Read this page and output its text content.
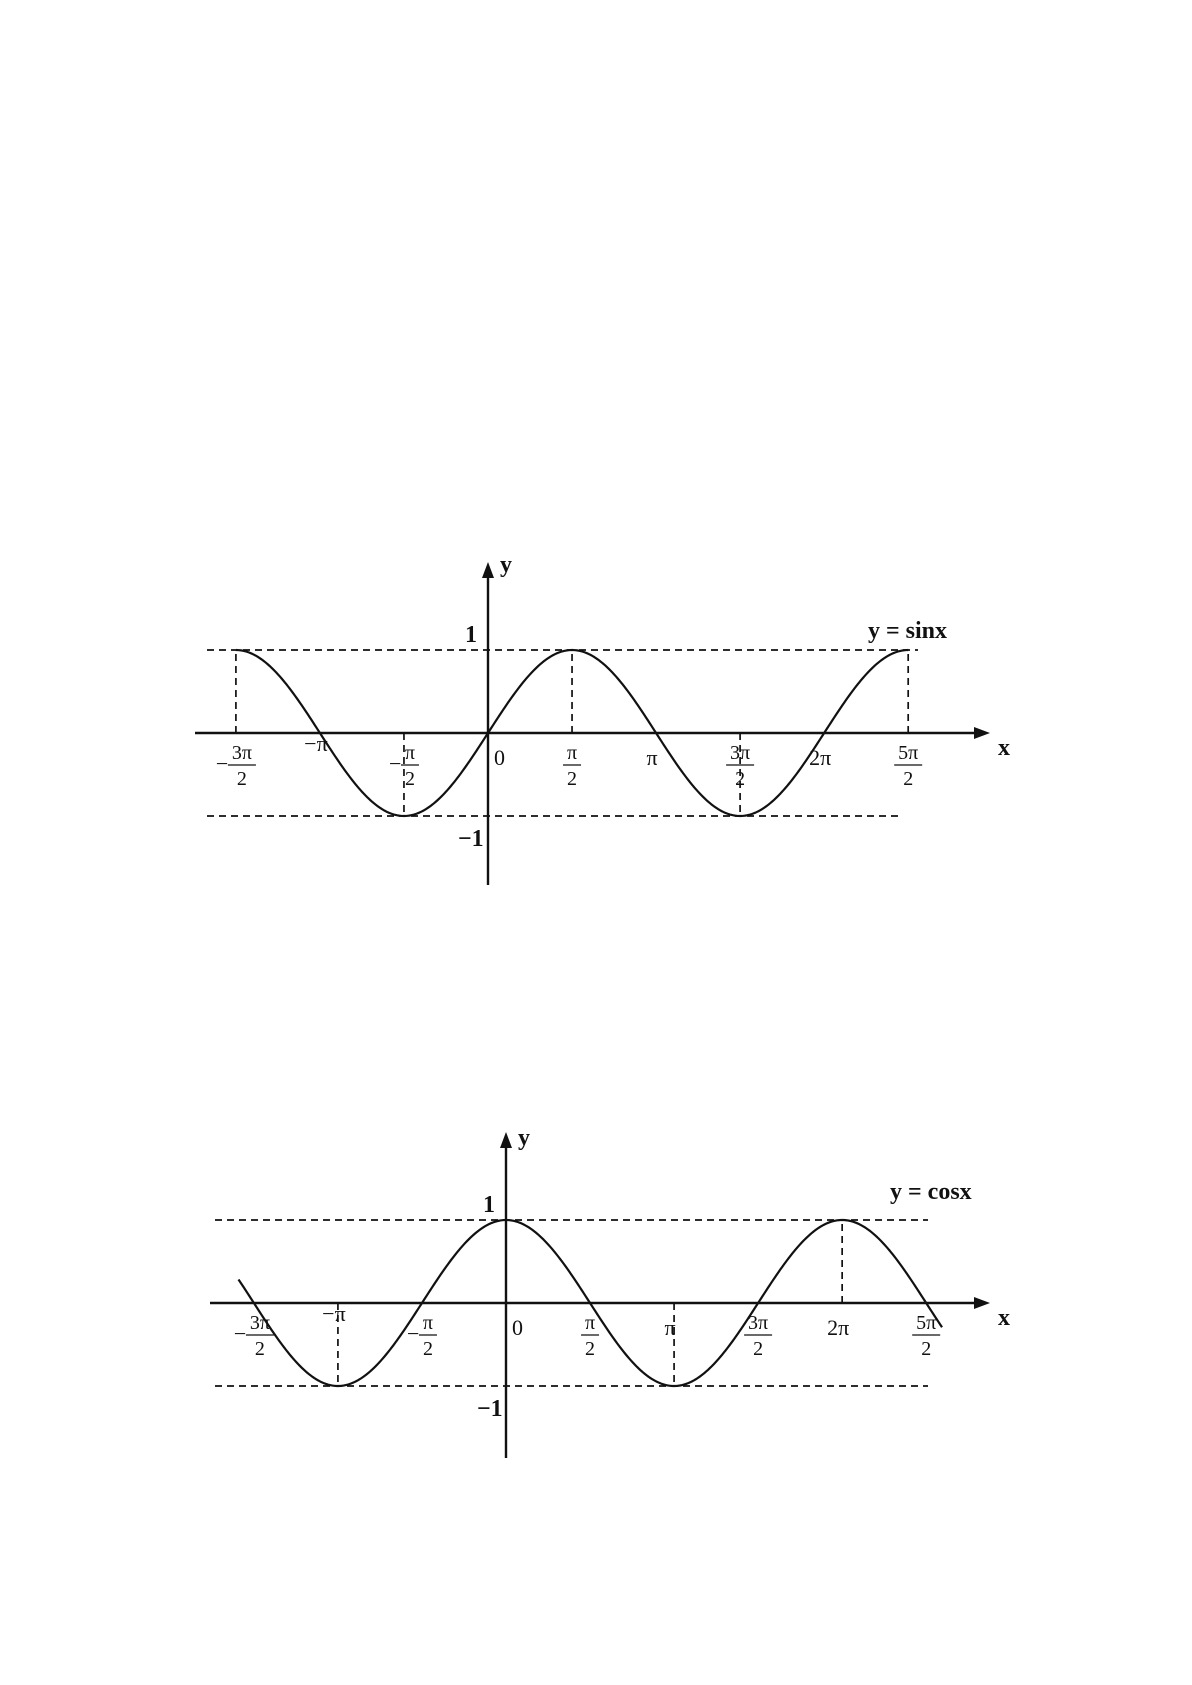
x
y
1
−1
y = sinx
− 3π
2
−π
− π
2
0	π
2
π	3π
2
2π	5π
2
x
y
1
−1
y = cosx
− 3π
2
−π
− π
2
0	π
2
π	3π
2
2π	5π
2
